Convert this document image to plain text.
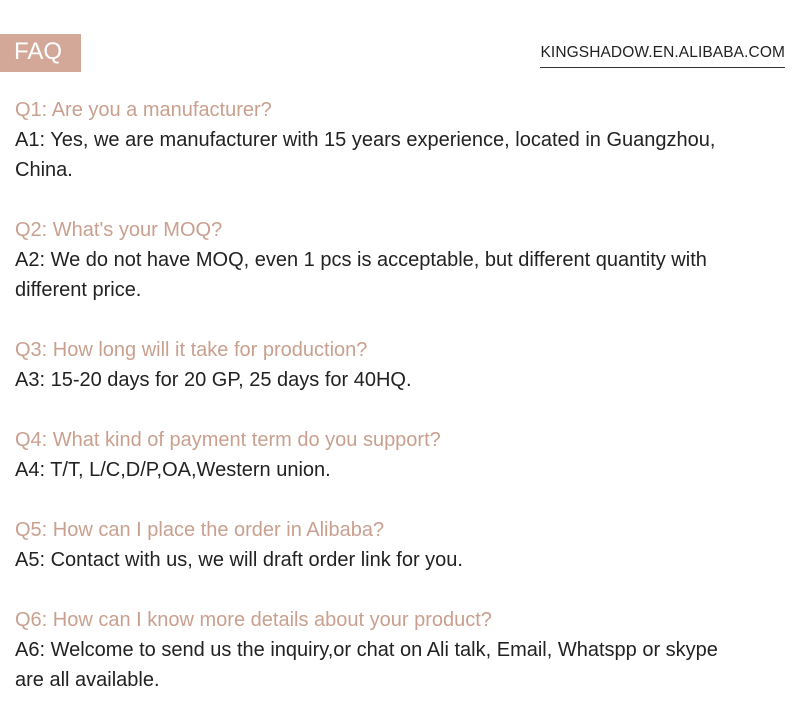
FAQ	KINGSHADOW.EN.ALIBABA.COM

Q1: Are you a manufacturer?

A1: Yes, we are manufacturer with 15 years experience, located in Guangzhou, China.

Q2: What's your MOQ?

A2: We do not have MOQ, even 1 pcs is acceptable, but different quantity with different price.

Q3: How long will it take for production?

A3: 15-20 days for 20 GP, 25 days for 40HQ.

Q4: What kind of payment term do you support?

A4: T/T, L/C,D/P,OA,Western union.

Q5: How can I place the order in Alibaba?

A5: Contact with us, we will draft order link for you.

Q6: How can I know more details about your product?

A6: Welcome to send us the inquiry,or chat on Ali talk, Email, Whatspp or skype are all available.
